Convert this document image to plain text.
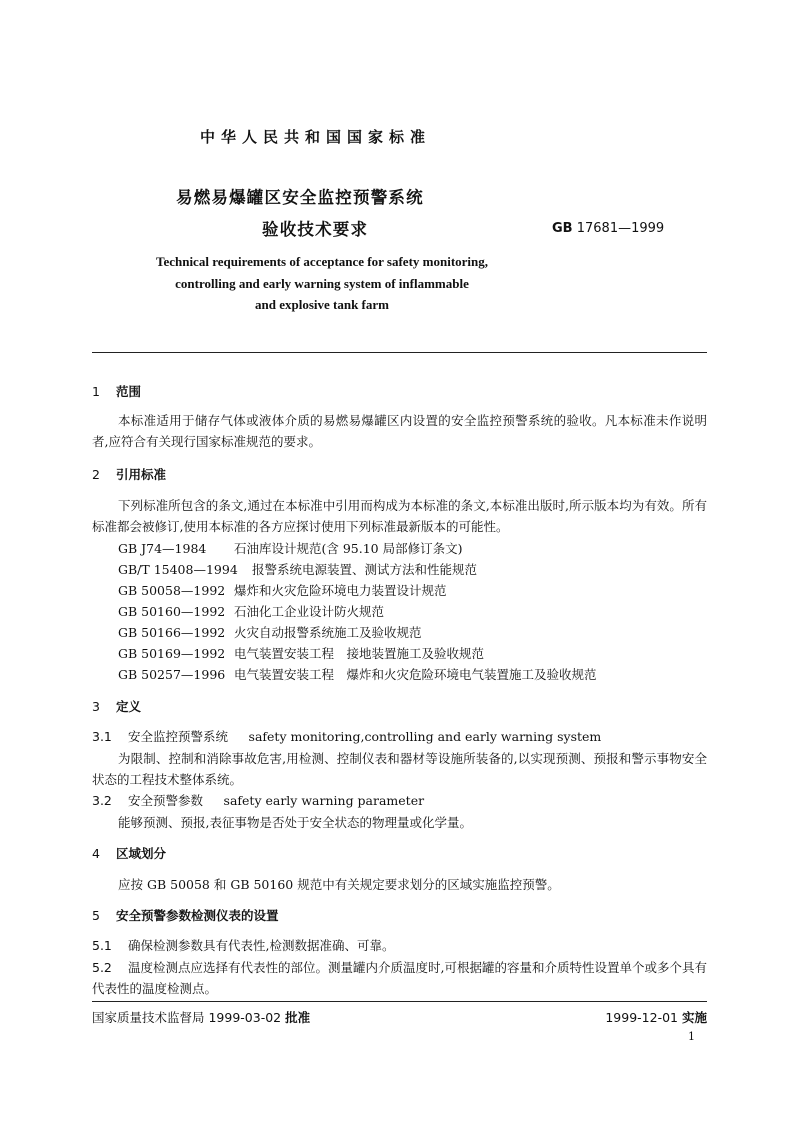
中华人民共和国国家标准
易燃易爆罐区安全监控预警系统
验收技术要求	GB 17681—1999
Technical requirements of acceptance for safety monitoring,
controlling and early warning system of inflammable
and explosive tank farm
1 范围
本标准适用于储存气体或液体介质的易燃易爆罐区内设置的安全监控预警系统的验收。凡本标准未作说明者,应符合有关现行国家标准规范的要求。
2 引用标准
下列标准所包含的条文,通过在本标准中引用而构成为本标准的条文,本标准出版时,所示版本均为有效。所有标准都会被修订,使用本标准的各方应探讨使用下列标准最新版本的可能性。
GB J74—1984 石油库设计规范(含 95.10 局部修订条文)
GB/T 15408—1994 报警系统电源装置、测试方法和性能规范
GB 50058—1992 爆炸和火灾危险环境电力装置设计规范
GB 50160—1992 石油化工企业设计防火规范
GB 50166—1992 火灾自动报警系统施工及验收规范
GB 50169—1992 电气装置安装工程　接地装置施工及验收规范
GB 50257—1996 电气装置安装工程　爆炸和火灾危险环境电气装置施工及验收规范
3 定义
3.1 安全监控预警系统　 safety monitoring,controlling and early warning system
为限制、控制和消除事故危害,用检测、控制仪表和器材等设施所装备的,以实现预测、预报和警示事物安全状态的工程技术整体系统。
3.2 安全预警参数　 safety early warning parameter
能够预测、预报,表征事物是否处于安全状态的物理量或化学量。
4 区域划分
应按 GB 50058 和 GB 50160 规范中有关规定要求划分的区域实施监控预警。
5 安全预警参数检测仪表的设置
5.1 确保检测参数具有代表性,检测数据准确、可靠。
5.2 温度检测点应选择有代表性的部位。测量罐内介质温度时,可根据罐的容量和介质特性设置单个或多个具有代表性的温度检测点。
国家质量技术监督局 1999-03-02 批准	1999-12-01 实施
1
